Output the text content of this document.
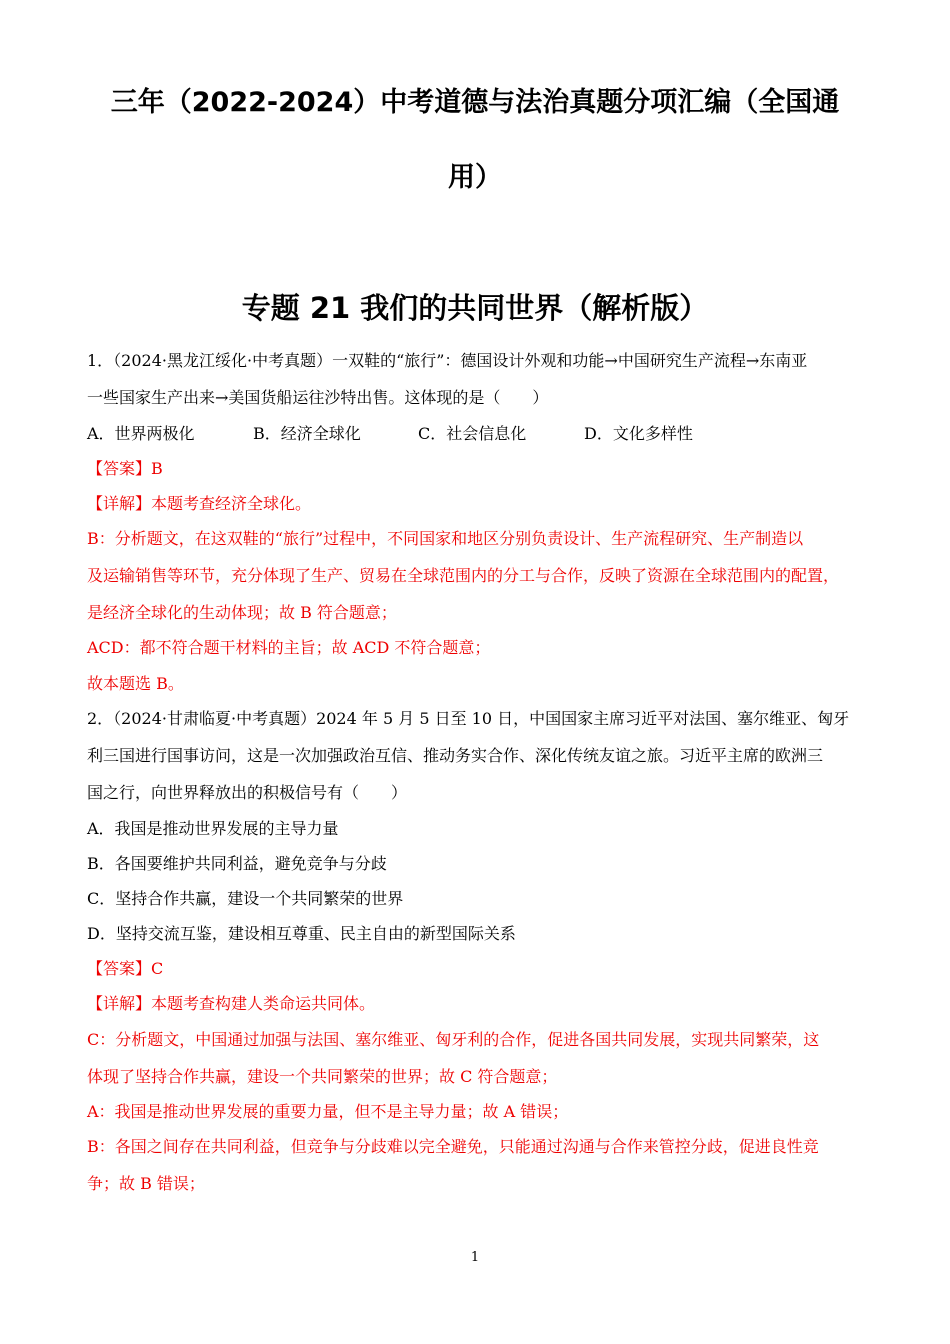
三年（2022-2024）中考道德与法治真题分项汇编（全国通
用）
专题 21 我们的共同世界（解析版）

1．（2024·黑龙江绥化·中考真题）一双鞋的“旅行”：德国设计外观和功能→中国研究生产流程→东南亚

一些国家生产出来→美国货船运往沙特出售。这体现的是（　　）

A．世界两极化	B．经济全球化	C．社会信息化	D．文化多样性

【答案】B

【详解】本题考查经济全球化。

B：分析题文，在这双鞋的“旅行”过程中，不同国家和地区分别负责设计、生产流程研究、生产制造以

及运输销售等环节，充分体现了生产、贸易在全球范围内的分工与合作，反映了资源在全球范围内的配置，

是经济全球化的生动体现；故 B 符合题意；

ACD：都不符合题干材料的主旨；故 ACD 不符合题意；

故本题选 B。

2．（2024·甘肃临夏·中考真题）2024 年 5 月 5 日至 10 日，中国国家主席习近平对法国、塞尔维亚、匈牙

利三国进行国事访问，这是一次加强政治互信、推动务实合作、深化传统友谊之旅。习近平主席的欧洲三

国之行，向世界释放出的积极信号有（　　）

A．我国是推动世界发展的主导力量

B．各国要维护共同利益，避免竞争与分歧

C．坚持合作共赢，建设一个共同繁荣的世界

D．坚持交流互鉴，建设相互尊重、民主自由的新型国际关系

【答案】C

【详解】本题考查构建人类命运共同体。

C：分析题文，中国通过加强与法国、塞尔维亚、匈牙利的合作，促进各国共同发展，实现共同繁荣，这

体现了坚持合作共赢，建设一个共同繁荣的世界；故 C 符合题意；

A：我国是推动世界发展的重要力量，但不是主导力量；故 A 错误；

B：各国之间存在共同利益，但竞争与分歧难以完全避免，只能通过沟通与合作来管控分歧，促进良性竞

争；故 B 错误；

1
